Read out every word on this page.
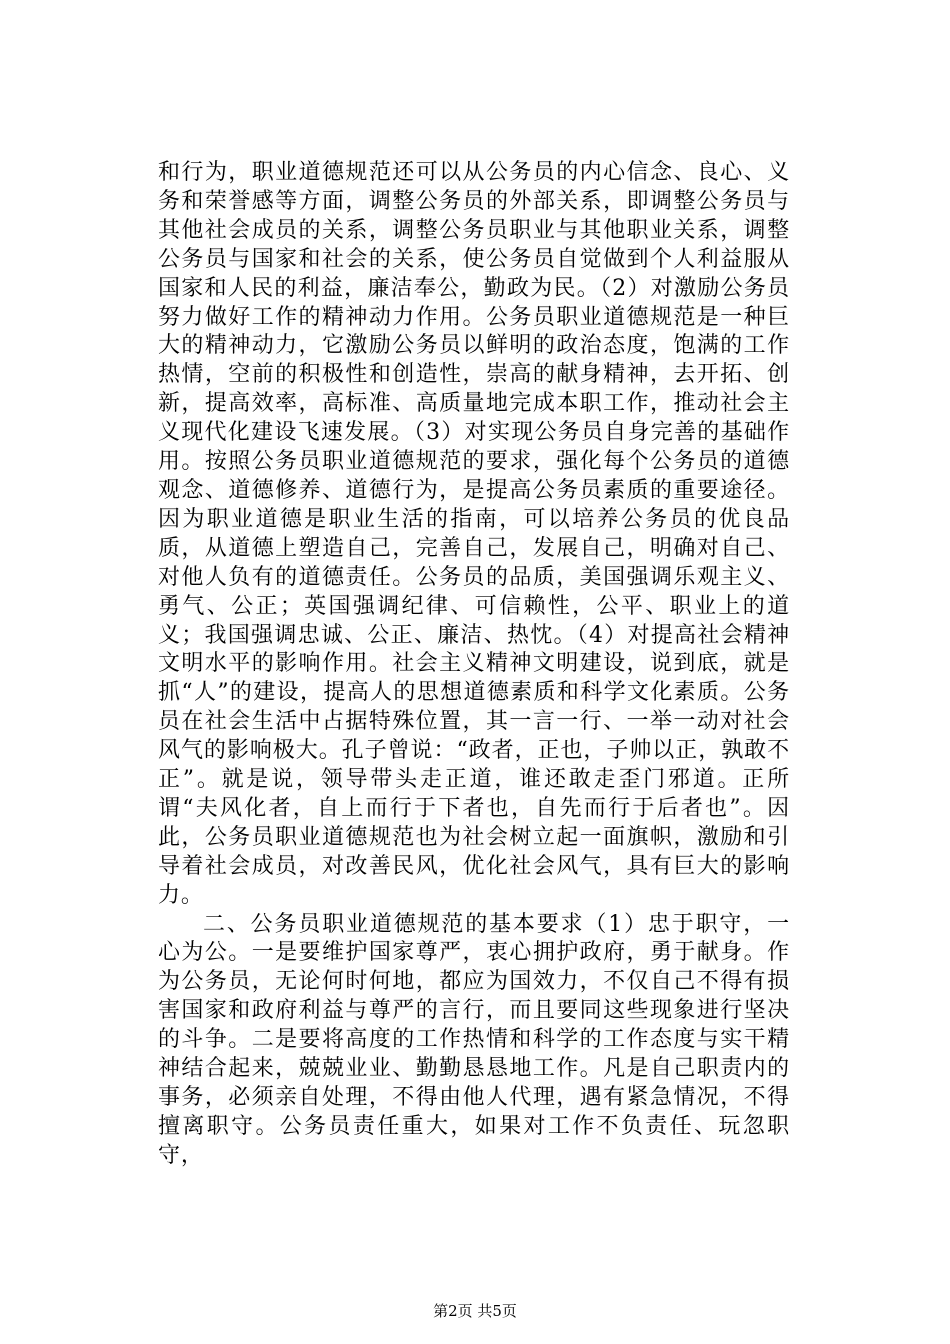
和行为，职业道德规范还可以从公务员的内心信念、良心、义务和荣誉感等方面，调整公务员的外部关系，即调整公务员与其他社会成员的关系，调整公务员职业与其他职业关系，调整公务员与国家和社会的关系，使公务员自觉做到个人利益服从国家和人民的利益，廉洁奉公，勤政为民。（2）对激励公务员努力做好工作的精神动力作用。公务员职业道德规范是一种巨大的精神动力，它激励公务员以鲜明的政治态度，饱满的工作热情，空前的积极性和创造性，崇高的献身精神，去开拓、创新，提高效率，高标准、高质量地完成本职工作，推动社会主义现代化建设飞速发展。（3）对实现公务员自身完善的基础作用。按照公务员职业道德规范的要求，强化每个公务员的道德观念、道德修养、道德行为，是提高公务员素质的重要途径。因为职业道德是职业生活的指南，可以培养公务员的优良品质，从道德上塑造自己，完善自己，发展自己，明确对自己、对他人负有的道德责任。公务员的品质，美国强调乐观主义、勇气、公正；英国强调纪律、可信赖性，公平、职业上的道义；我国强调忠诚、公正、廉洁、热忱。（4）对提高社会精神文明水平的影响作用。社会主义精神文明建设，说到底，就是抓“人”的建设，提高人的思想道德素质和科学文化素质。公务员在社会生活中占据特殊位置，其一言一行、一举一动对社会风气的影响极大。孔子曾说：“政者，正也，子帅以正，孰敢不正”。就是说，领导带头走正道，谁还敢走歪门邪道。正所谓“夫风化者，自上而行于下者也，自先而行于后者也”。因此，公务员职业道德规范也为社会树立起一面旗帜，激励和引导着社会成员，对改善民风，优化社会风气，具有巨大的影响力。

二、公务员职业道德规范的基本要求（1）忠于职守，一心为公。一是要维护国家尊严，衷心拥护政府，勇于献身。作为公务员，无论何时何地，都应为国效力，不仅自己不得有损害国家和政府利益与尊严的言行，而且要同这些现象进行坚决的斗争。二是要将高度的工作热情和科学的工作态度与实干精神结合起来，兢兢业业、勤勤恳恳地工作。凡是自己职责内的事务，必须亲自处理，不得由他人代理，遇有紧急情况，不得擅离职守。公务员责任重大，如果对工作不负责任、玩忽职守，

第2页 共5页
